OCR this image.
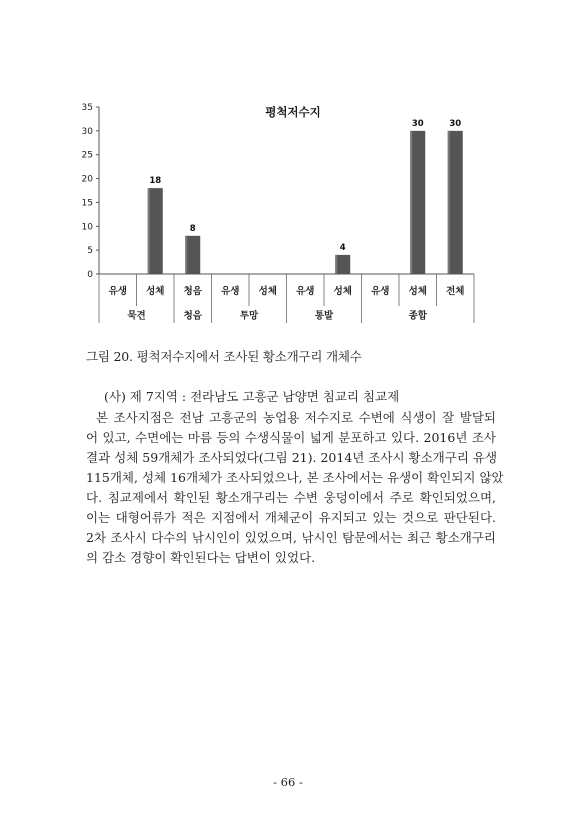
평척저수지
0
5
10
15
20
25
30
35
18
8
4
30	30
유생 성체 청음 유생 성체 유생 성체 유생 성체 전체
묵견	청음	투망	통발	종합
그림 20. 평척저수지에서 조사된 황소개구리 개체수
(사) 제 7지역 : 전라남도 고흥군 남양면 침교리 침교제
본 조사지점은 전남 고흥군의 농업용 저수지로 수변에 식생이 잘 발달되
어 있고, 수면에는 마름 등의 수생식물이 넓게 분포하고 있다. 2016년 조사
결과 성체 59개체가 조사되었다(그림 21). 2014년 조사시 황소개구리 유생
115개체, 성체 16개체가 조사되었으나, 본 조사에서는 유생이 확인되지 않았
다. 침교제에서 확인된 황소개구리는 수변 웅덩이에서 주로 확인되었으며,
이는 대형어류가 적은 지점에서 개체군이 유지되고 있는 것으로 판단된다.
2차 조사시 다수의 낚시인이 있었으며, 낚시인 탐문에서는 최근 황소개구리
의 감소 경향이 확인된다는 답변이 있었다.
- 66 -
